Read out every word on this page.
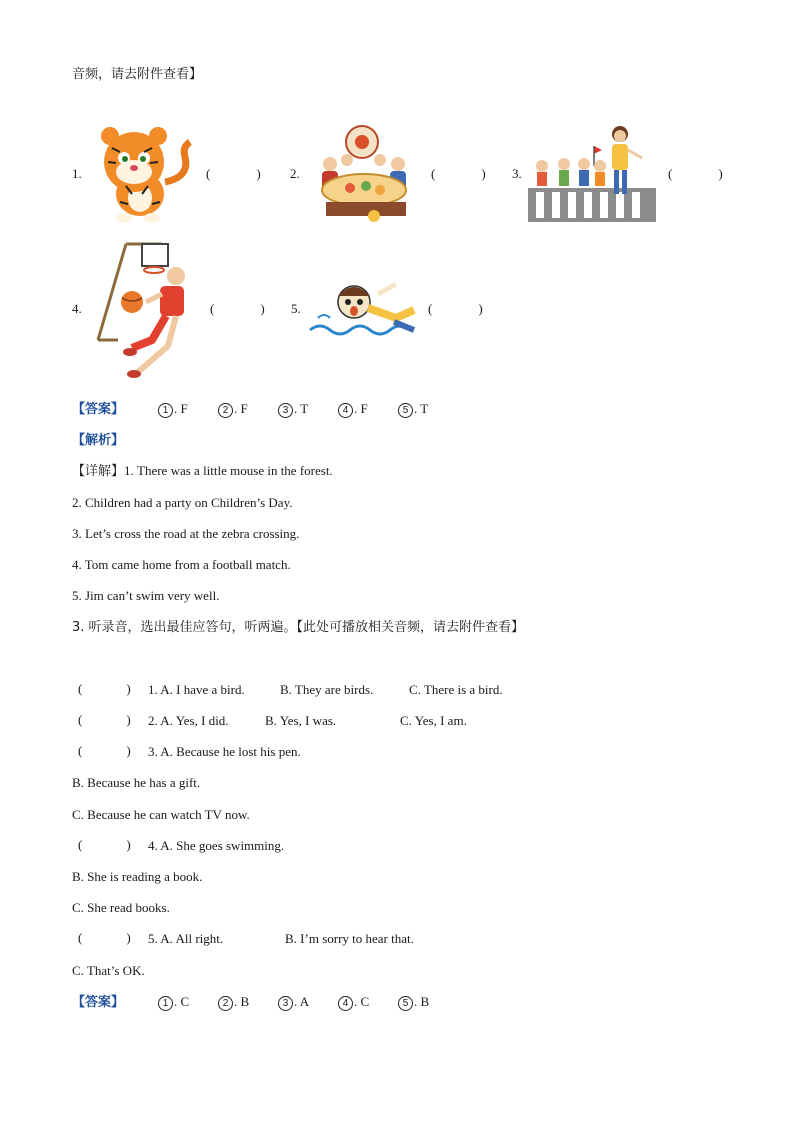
音频，请去附件查看】
1.	(	) 2.	(	) 3.	(	)
4.	(	) 5.	(	)
【答案】	1 . F	2 . F	3 . T	4 . F	5 . T
【解析】
【详解】1. There was a little mouse in the forest.
2. Children had a party on Children’s Day.
3. Let’s cross the road at the zebra crossing.
4. Tom came home from a football match.
5. Jim can’t swim very well.
3. 听录音，选出最佳应答句，听两遍。【此处可播放相关音频，请去附件查看】
(	) 1. A. I have a bird.	B. They are birds.	C. There is a bird.
(	) 2. A. Yes, I did.	B. Yes, I was.	C. Yes, I am.
(	) 3. A. Because he lost his pen.
B. Because he has a gift.
C. Because he can watch TV now.
(	) 4. A. She goes swimming.
B. She is reading a book.
C. She read books.
(	) 5. A. All right.	B. I’m sorry to hear that.
C. That’s OK.
【答案】	1 . C	2 . B	3 . A	4 . C	5 . B
